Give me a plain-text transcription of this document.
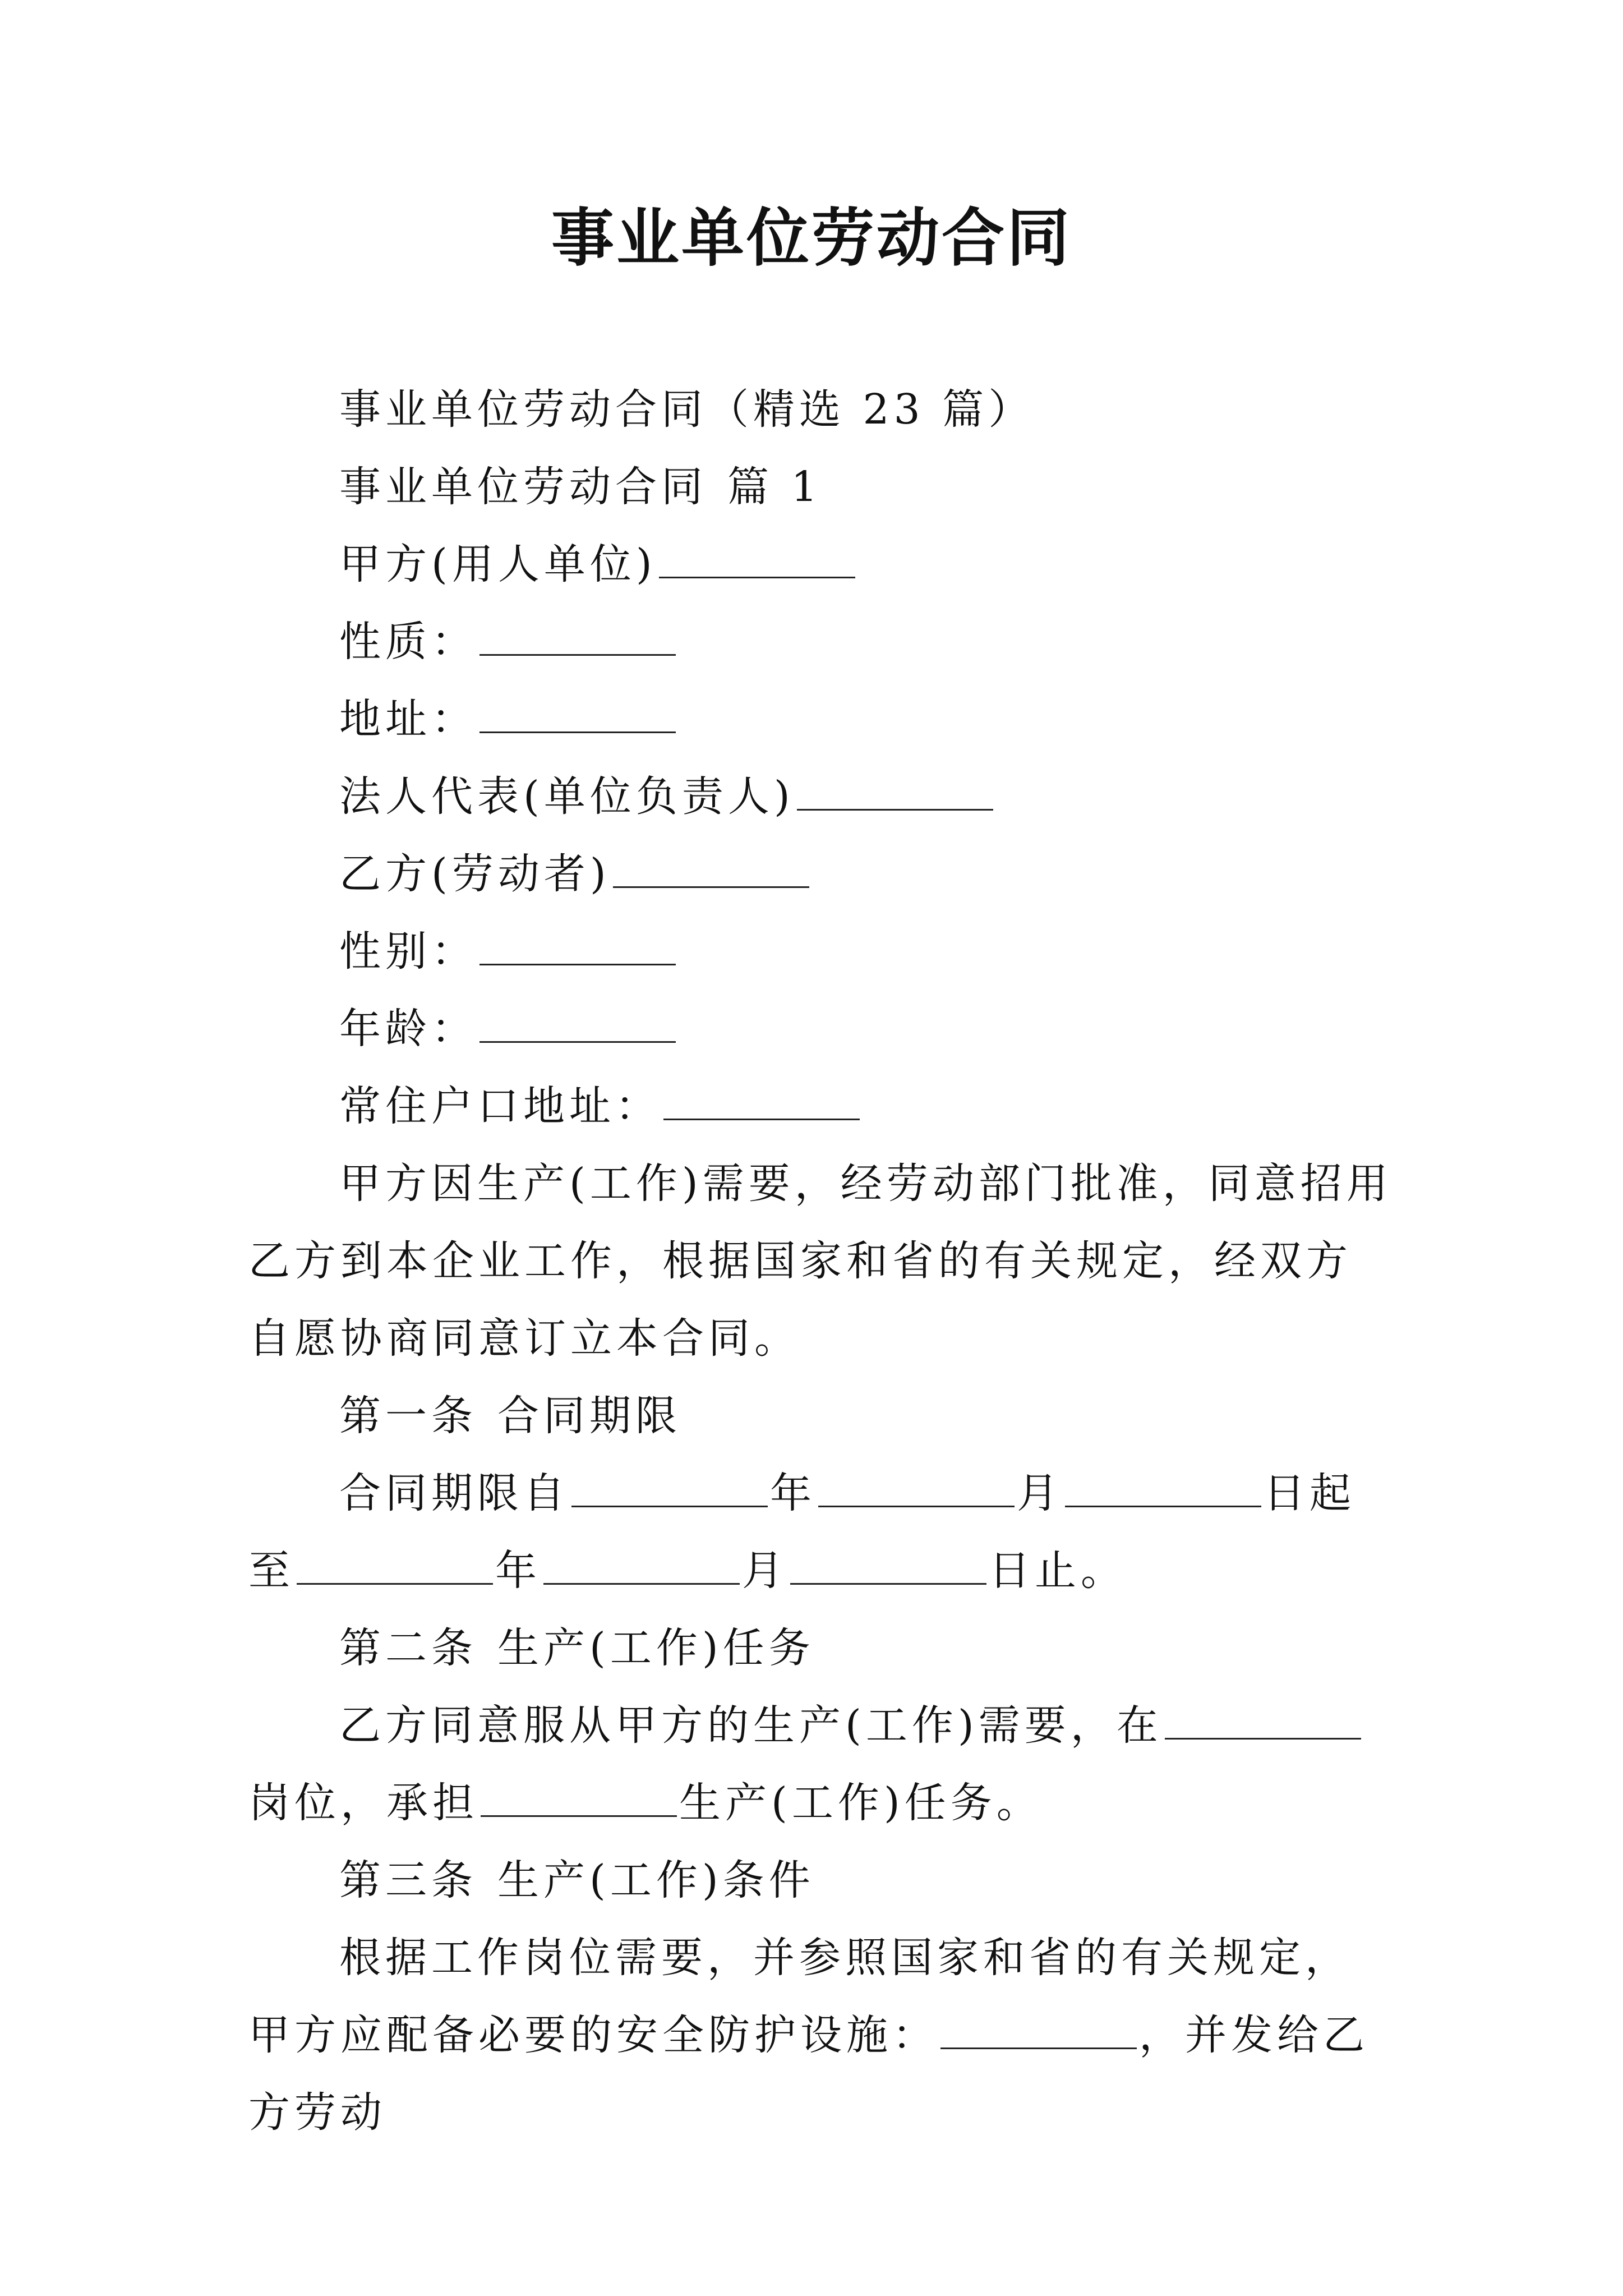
事业单位劳动合同

事业单位劳动合同（精选 23 篇）

事业单位劳动合同 篇 1

甲方(用人单位)

性质：

地址：

法人代表(单位负责人)

乙方(劳动者)

性别：

年龄：

常住户口地址：

甲方因生产(工作)需要，经劳动部门批准，同意招用乙方到本企业工作，根据国家和省的有关规定，经双方自愿协商同意订立本合同。

第一条 合同期限

合同期限自	年	月	日起至	年	月	日止。

第二条 生产(工作)任务

乙方同意服从甲方的生产(工作)需要，在岗位，承担	生产(工作)任务。

第三条 生产(工作)条件

根据工作岗位需要，并参照国家和省的有关规定，甲方应配备必要的安全防护设施：	，并发给乙方劳动
